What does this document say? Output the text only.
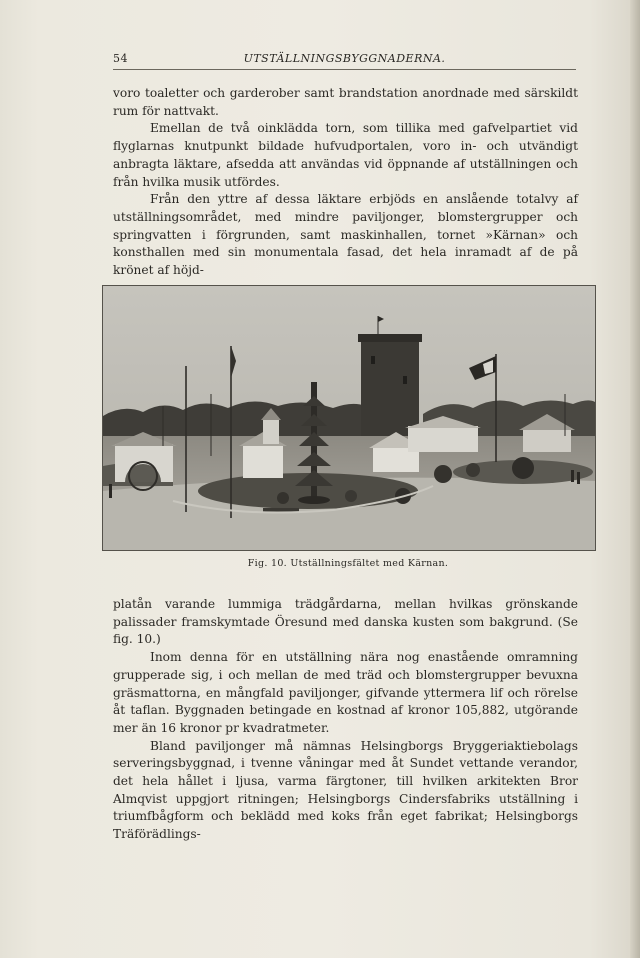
54	UTSTÄLLNINGSBYGGNADERNA.

voro toaletter och garderober samt brandstation anordnade med särskildt rum för nattvakt.

Emellan de två oinklädda torn, som tillika med gafvelpartiet vid flyglarnas knutpunkt bildade hufvudportalen, voro in- och utvändigt anbragta läktare, afsedda att användas vid öppnande af utställningen och från hvilka musik utfördes.

Från den yttre af dessa läktare erbjöds en anslående totalvy af utställningsområdet, med mindre paviljonger, blomstergrupper och springvatten i förgrunden, samt maskinhallen, tornet »Kärnan» och konsthallen med sin monumentala fasad, det hela inramadt af de på krönet af höjd-

Fig. 10. Utställningsfältet med Kärnan.

platån varande lummiga trädgårdarna, mellan hvilkas grönskande palissader framskymtade Öresund med danska kusten som bakgrund. (Se fig. 10.)

Inom denna för en utställning nära nog enastående omramning grupperade sig, i och mellan de med träd och blomstergrupper bevuxna gräsmattorna, en mångfald paviljonger, gifvande yttermera lif och rörelse åt taflan. Byggnaden betingade en kostnad af kronor 105,882, utgörande mer än 16 kronor pr kvadratmeter.

Bland paviljonger må nämnas Helsingborgs Bryggeriaktiebolags serveringsbyggnad, i tvenne våningar med åt Sundet vettande verandor, det hela hållet i ljusa, varma färgtoner, till hvilken arkitekten Bror Almqvist uppgjort ritningen; Helsingborgs Cindersfabriks utställning i triumfbågform och beklädd med koks från eget fabrikat; Helsingborgs Träförädlings-
